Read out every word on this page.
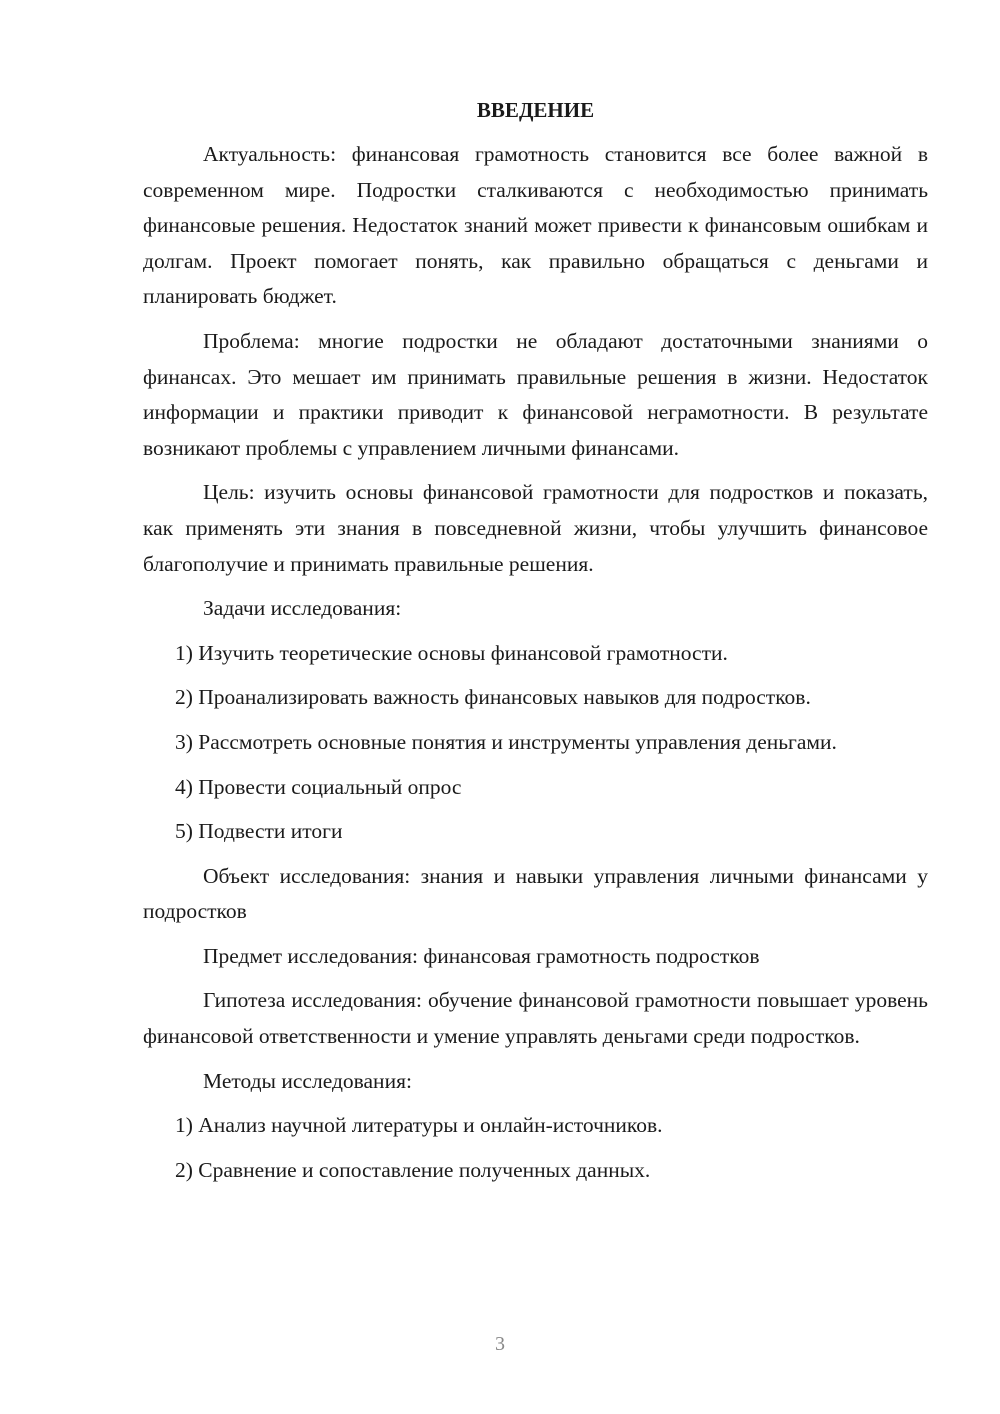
ВВЕДЕНИЕ

Актуальность: финансовая грамотность становится все более важной в современном мире. Подростки сталкиваются с необходимостью принимать финансовые решения. Недостаток знаний может привести к финансовым ошибкам и долгам. Проект помогает понять, как правильно обращаться с деньгами и планировать бюджет.

Проблема: многие подростки не обладают достаточными знаниями о финансах. Это мешает им принимать правильные решения в жизни. Недостаток информации и практики приводит к финансовой неграмотности. В результате возникают проблемы с управлением личными финансами.

Цель: изучить основы финансовой грамотности для подростков и показать, как применять эти знания в повседневной жизни, чтобы улучшить финансовое благополучие и принимать правильные решения.

Задачи исследования:

1) Изучить теоретические основы финансовой грамотности.

2) Проанализировать важность финансовых навыков для подростков.

3) Рассмотреть основные понятия и инструменты управления деньгами.

4) Провести социальный опрос

5) Подвести итоги

Объект исследования: знания и навыки управления личными финансами у подростков

Предмет исследования: финансовая грамотность подростков

Гипотеза исследования: обучение финансовой грамотности повышает уровень финансовой ответственности и умение управлять деньгами среди подростков.

Методы исследования:

1) Анализ научной литературы и онлайн-источников.

2) Сравнение и сопоставление полученных данных.

3
